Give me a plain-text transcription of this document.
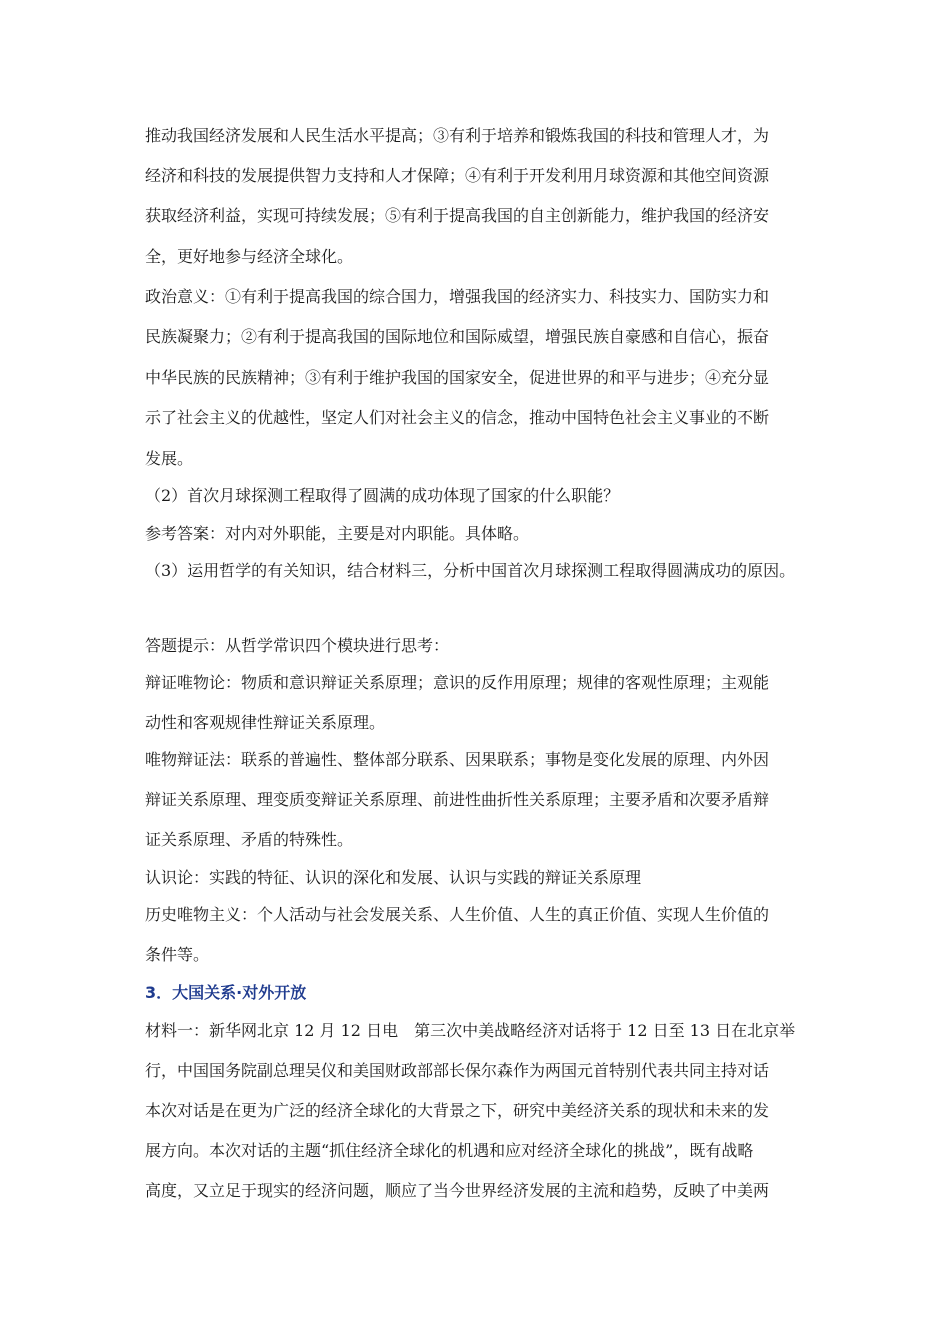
推动我国经济发展和人民生活水平提高；③有利于培养和锻炼我国的科技和管理人才，为
经济和科技的发展提供智力支持和人才保障；④有利于开发利用月球资源和其他空间资源
获取经济利益，实现可持续发展；⑤有利于提高我国的自主创新能力，维护我国的经济安
全，更好地参与经济全球化。
政治意义：①有利于提高我国的综合国力，增强我国的经济实力、科技实力、国防实力和
民族凝聚力；②有利于提高我国的国际地位和国际威望，增强民族自豪感和自信心，振奋
中华民族的民族精神；③有利于维护我国的国家安全，促进世界的和平与进步；④充分显
示了社会主义的优越性，坚定人们对社会主义的信念，推动中国特色社会主义事业的不断
发展。
（2）首次月球探测工程取得了圆满的成功体现了国家的什么职能？
参考答案：对内对外职能，主要是对内职能。具体略。
（3）运用哲学的有关知识，结合材料三，分析中国首次月球探测工程取得圆满成功的原因。
答题提示：从哲学常识四个模块进行思考：
辩证唯物论：物质和意识辩证关系原理；意识的反作用原理；规律的客观性原理；主观能
动性和客观规律性辩证关系原理。
唯物辩证法：联系的普遍性、整体部分联系、因果联系；事物是变化发展的原理、内外因
辩证关系原理、理变质变辩证关系原理、前进性曲折性关系原理；主要矛盾和次要矛盾辩
证关系原理、矛盾的特殊性。
认识论：实践的特征、认识的深化和发展、认识与实践的辩证关系原理
历史唯物主义：个人活动与社会发展关系、人生价值、人生的真正价值、实现人生价值的
条件等。
3．大国关系·对外开放
材料一：新华网北京 12 月 12 日电　第三次中美战略经济对话将于 12 日至 13 日在北京举
行，中国国务院副总理吴仪和美国财政部部长保尔森作为两国元首特别代表共同主持对话
本次对话是在更为广泛的经济全球化的大背景之下，研究中美经济关系的现状和未来的发
展方向。本次对话的主题“抓住经济全球化的机遇和应对经济全球化的挑战”，既有战略
高度，又立足于现实的经济问题，顺应了当今世界经济发展的主流和趋势，反映了中美两
